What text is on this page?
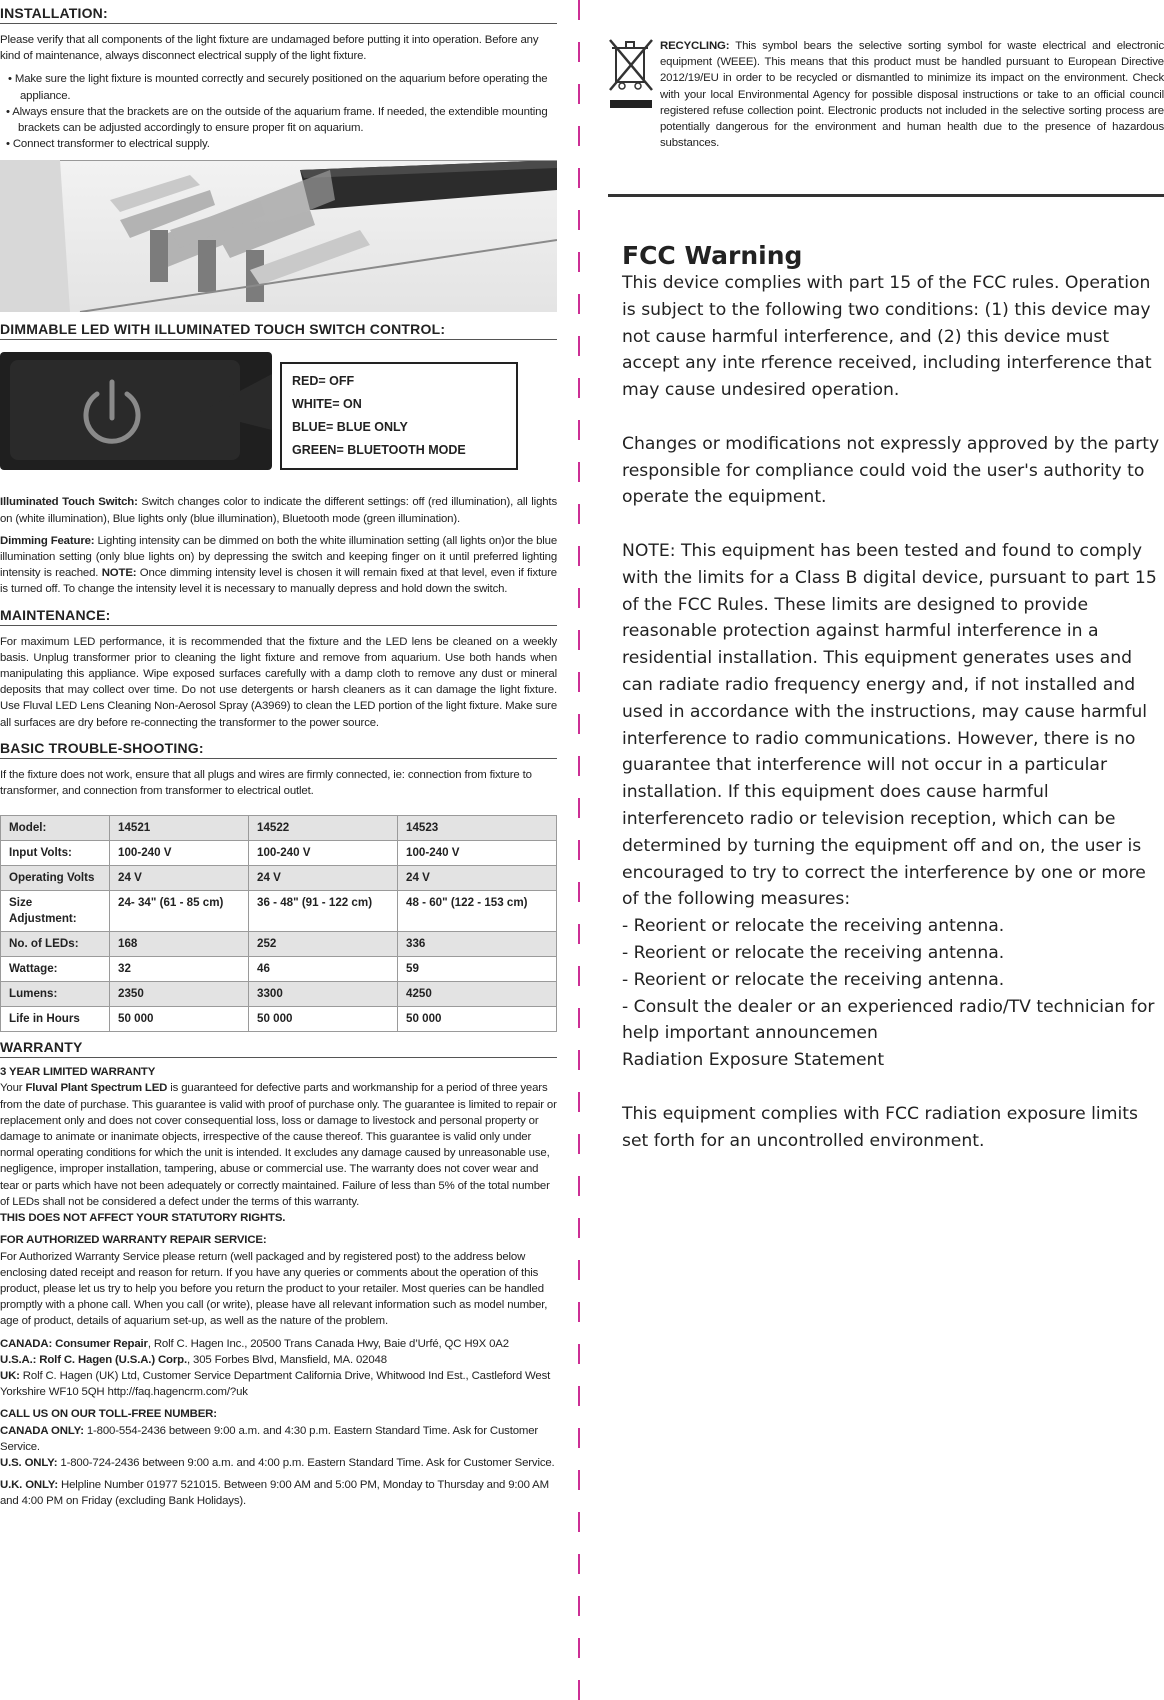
INSTALLATION:

Please verify that all components of the light fixture are undamaged before putting it into operation. Before any kind of maintenance, always disconnect electrical supply of the light fixture.

• Make sure the light fixture is mounted correctly and securely positioned on the aquarium before operating the appliance.

• Always ensure that the brackets are on the outside of the aquarium frame. If needed, the extendible mounting brackets can be adjusted accordingly to ensure proper fit on aquarium.

• Connect transformer to electrical supply.

DIMMABLE LED WITH ILLUMINATED TOUCH SWITCH CONTROL:
RED= OFF
WHITE= ON
BLUE= BLUE ONLY
GREEN= BLUETOOTH MODE

Illuminated Touch Switch: Switch changes color to indicate the different settings: off (red illumination), all lights on (white illumination), Blue lights only (blue illumination), Bluetooth mode (green illumination).

Dimming Feature: Lighting intensity can be dimmed on both the white illumination setting (all lights on)or the blue illumination setting (only blue lights on) by depressing the switch and keeping finger on it until preferred lighting intensity is reached. NOTE: Once dimming intensity level is chosen it will remain fixed at that level, even if fixture is turned off. To change the intensity level it is necessary to manually depress and hold down the switch.

MAINTENANCE:

For maximum LED performance, it is recommended that the fixture and the LED lens be cleaned on a weekly basis. Unplug transformer prior to cleaning the light fixture and remove from aquarium. Use both hands when manipulating this appliance. Wipe exposed surfaces carefully with a damp cloth to remove any dust or mineral deposits that may collect over time. Do not use detergents or harsh cleaners as it can damage the light fixture. Use Fluval LED Lens Cleaning Non-Aerosol Spray (A3969) to clean the LED portion of the light fixture. Make sure all surfaces are dry before re-connecting the transformer to the power source.

BASIC TROUBLE-SHOOTING:

If the fixture does not work, ensure that all plugs and wires are firmly connected, ie: connection from fixture to transformer, and connection from transformer to electrical outlet.

Model:	14521	14522	14523
Input Volts:	100-240 V	100-240 V	100-240 V
Operating Volts	24 V	24 V	24 V
Size Adjustment:	24- 34" (61 - 85 cm)	36 - 48" (91 - 122 cm)	48 - 60" (122 - 153 cm)
No. of LEDs:	168	252	336
Wattage:	32	46	59
Lumens:	2350	3300	4250
Life in Hours	50 000	50 000	50 000
WARRANTY

3 YEAR LIMITED WARRANTY

Your Fluval Plant Spectrum LED is guaranteed for defective parts and workmanship for a period of three years from the date of purchase. This guarantee is valid with proof of purchase only. The guarantee is limited to repair or replacement only and does not cover consequential loss, loss or damage to livestock and personal property or damage to animate or inanimate objects, irrespective of the cause thereof. This guarantee is valid only under normal operating conditions for which the unit is intended. It excludes any damage caused by unreasonable use, negligence, improper installation, tampering, abuse or commercial use. The warranty does not cover wear and tear or parts which have not been adequately or correctly maintained. Failure of less than 5% of the total number of LEDs shall not be considered a defect under the terms of this warranty.

THIS DOES NOT AFFECT YOUR STATUTORY RIGHTS.

FOR AUTHORIZED WARRANTY REPAIR SERVICE:

For Authorized Warranty Service please return (well packaged and by registered post) to the address below enclosing dated receipt and reason for return. If you have any queries or comments about the operation of this product, please let us try to help you before you return the product to your retailer. Most queries can be handled promptly with a phone call. When you call (or write), please have all relevant information such as model number, age of product, details of aquarium set-up, as well as the nature of the problem.

CANADA: Consumer Repair, Rolf C. Hagen Inc., 20500 Trans Canada Hwy, Baie d’Urfé, QC H9X 0A2

U.S.A.: Rolf C. Hagen (U.S.A.) Corp., 305 Forbes Blvd, Mansfield, MA. 02048

UK: Rolf C. Hagen (UK) Ltd, Customer Service Department California Drive, Whitwood Ind Est., Castleford West Yorkshire WF10 5QH http://faq.hagencrm.com/?uk

CALL US ON OUR TOLL-FREE NUMBER:

CANADA ONLY: 1-800-554-2436 between 9:00 a.m. and 4:30 p.m. Eastern Standard Time. Ask for Customer Service.

U.S. ONLY: 1-800-724-2436 between 9:00 a.m. and 4:00 p.m. Eastern Standard Time. Ask for Customer Service.

U.K. ONLY: Helpline Number 01977 521015. Between 9:00 AM and 5:00 PM, Monday to Thursday and 9:00 AM and 4:00 PM on Friday (excluding Bank Holidays).

RECYCLING: This symbol bears the selective sorting symbol for waste electrical and electronic equipment (WEEE). This means that this product must be handled pursuant to European Directive 2012/19/EU in order to be recycled or dismantled to minimize its impact on the environment. Check with your local Environmental Agency for possible disposal instructions or take to an official council registered refuse collection point. Electronic products not included in the selective sorting process are potentially dangerous for the environment and human health due to the presence of hazardous substances.

FCC Warning

This device complies with part 15 of the FCC rules. Operation is subject to the following two conditions: (1) this device may not cause harmful interference, and (2) this device must accept any inte rference received, including interference that may cause undesired operation.

Changes or modifications not expressly approved by the party responsible for compliance could void the user's authority to operate the equipment.

NOTE: This equipment has been tested and found to comply with the limits for a Class B digital device, pursuant to part 15 of the FCC Rules. These limits are designed to provide reasonable protection against harmful interference in a residential installation. This equipment generates uses and can radiate radio frequency energy and, if not installed and used in accordance with the instructions, may cause harmful interference to radio communications. However, there is no guarantee that interference will not occur in a particular installation. If this equipment does cause harmful interferenceto radio or television reception, which can be determined by turning the equipment off and on, the user is encouraged to try to correct the interference by one or more of the following measures:

- Reorient or relocate the receiving antenna.

- Reorient or relocate the receiving antenna.

- Reorient or relocate the receiving antenna.

- Consult the dealer or an experienced radio/TV technician for help important announcemen

Radiation Exposure Statement

This equipment complies with FCC radiation exposure limits set forth for an uncontrolled environment.
